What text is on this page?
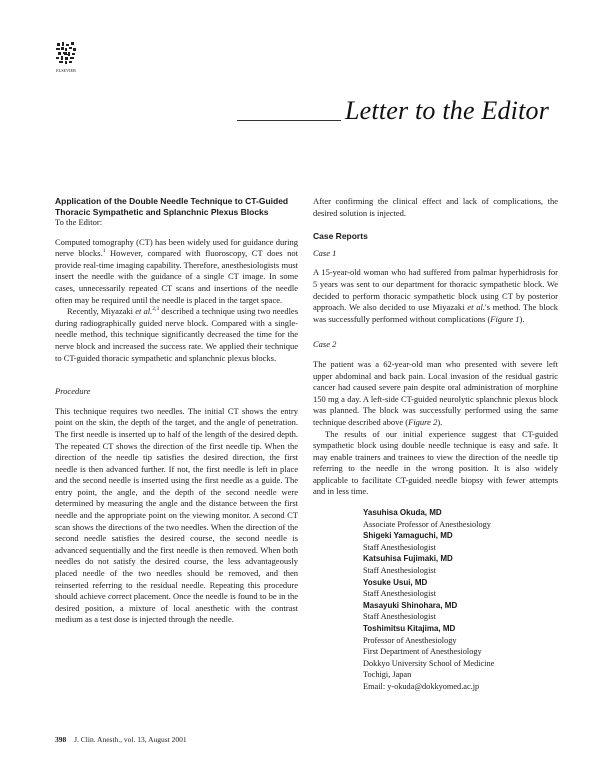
ELSEVIER
Letter to the Editor

Application of the Double Needle Technique to CT-Guided Thoracic Sympathetic and Splanchnic Plexus Blocks

To the Editor:

Computed tomography (CT) has been widely used for guidance during nerve blocks.$^1$ However, compared with fluoroscopy, CT does not provide real-time imaging capability. Therefore, anesthesiologists must insert the needle with the guidance of a single CT image. In some cases, unnecessarily repeated CT scans and insertions of the needle often may be required until the needle is placed in the target space.

Recently, Miyazaki et al.$^{2,3}$ described a technique using two needles during radiographically guided nerve block. Compared with a single-needle method, this technique significantly decreased the time for the nerve block and increased the success rate. We applied their technique to CT-guided thoracic sympathetic and splanchnic plexus blocks.

Procedure

This technique requires two needles. The initial CT shows the entry point on the skin, the depth of the target, and the angle of penetration. The first needle is inserted up to half of the length of the desired depth. The repeated CT shows the direction of the first needle tip. When the direction of the needle tip satisfies the desired direction, the first needle is then advanced further. If not, the first needle is left in place and the second needle is inserted using the first needle as a guide. The entry point, the angle, and the depth of the second needle were determined by measuring the angle and the distance between the first needle and the appropriate point on the viewing monitor. A second CT scan shows the directions of the two needles. When the direction of the second needle satisfies the desired course, the second needle is advanced sequentially and the first needle is then removed. When both needles do not satisfy the desired course, the less advantageously placed needle of the two needles should be removed, and then reinserted referring to the residual needle. Repeating this procedure should achieve correct placement. Once the needle is found to be in the desired position, a mixture of local anesthetic with the contrast medium as a test dose is injected through the needle.

After confirming the clinical effect and lack of complications, the desired solution is injected.

Case Reports

Case 1

A 15-year-old woman who had suffered from palmar hyperhidrosis for 5 years was sent to our department for thoracic sympathetic block. We decided to perform thoracic sympathetic block using CT by posterior approach. We also decided to use Miyazaki et al.'s method. The block was successfully performed without complications (Figure 1).

Case 2

The patient was a 62-year-old man who presented with severe left upper abdominal and back pain. Local invasion of the residual gastric cancer had caused severe pain despite oral administration of morphine 150 mg a day. A left-side CT-guided neurolytic splanchnic plexus block was planned. The block was successfully performed using the same technique described above (Figure 2).

The results of our initial experience suggest that CT-guided sympathetic block using double needle technique is easy and safe. It may enable trainers and trainees to view the direction of the needle tip referring to the needle in the wrong position. It is also widely applicable to facilitate CT-guided needle biopsy with fewer attempts and in less time.

Yasuhisa Okuda, MD
Associate Professor of Anesthesiology
Shigeki Yamaguchi, MD
Staff Anesthesiologist
Katsuhisa Fujimaki, MD
Staff Anesthesiologist
Yosuke Usui, MD
Staff Anesthesiologist
Masayuki Shinohara, MD
Staff Anesthesiologist
Toshimitsu Kitajima, MD
Professor of Anesthesiology
First Department of Anesthesiology
Dokkyo University School of Medicine
Tochigi, Japan
Email: y-okuda@dokkyomed.ac.jp
398 J. Clin. Anesth., vol. 13, August 2001
